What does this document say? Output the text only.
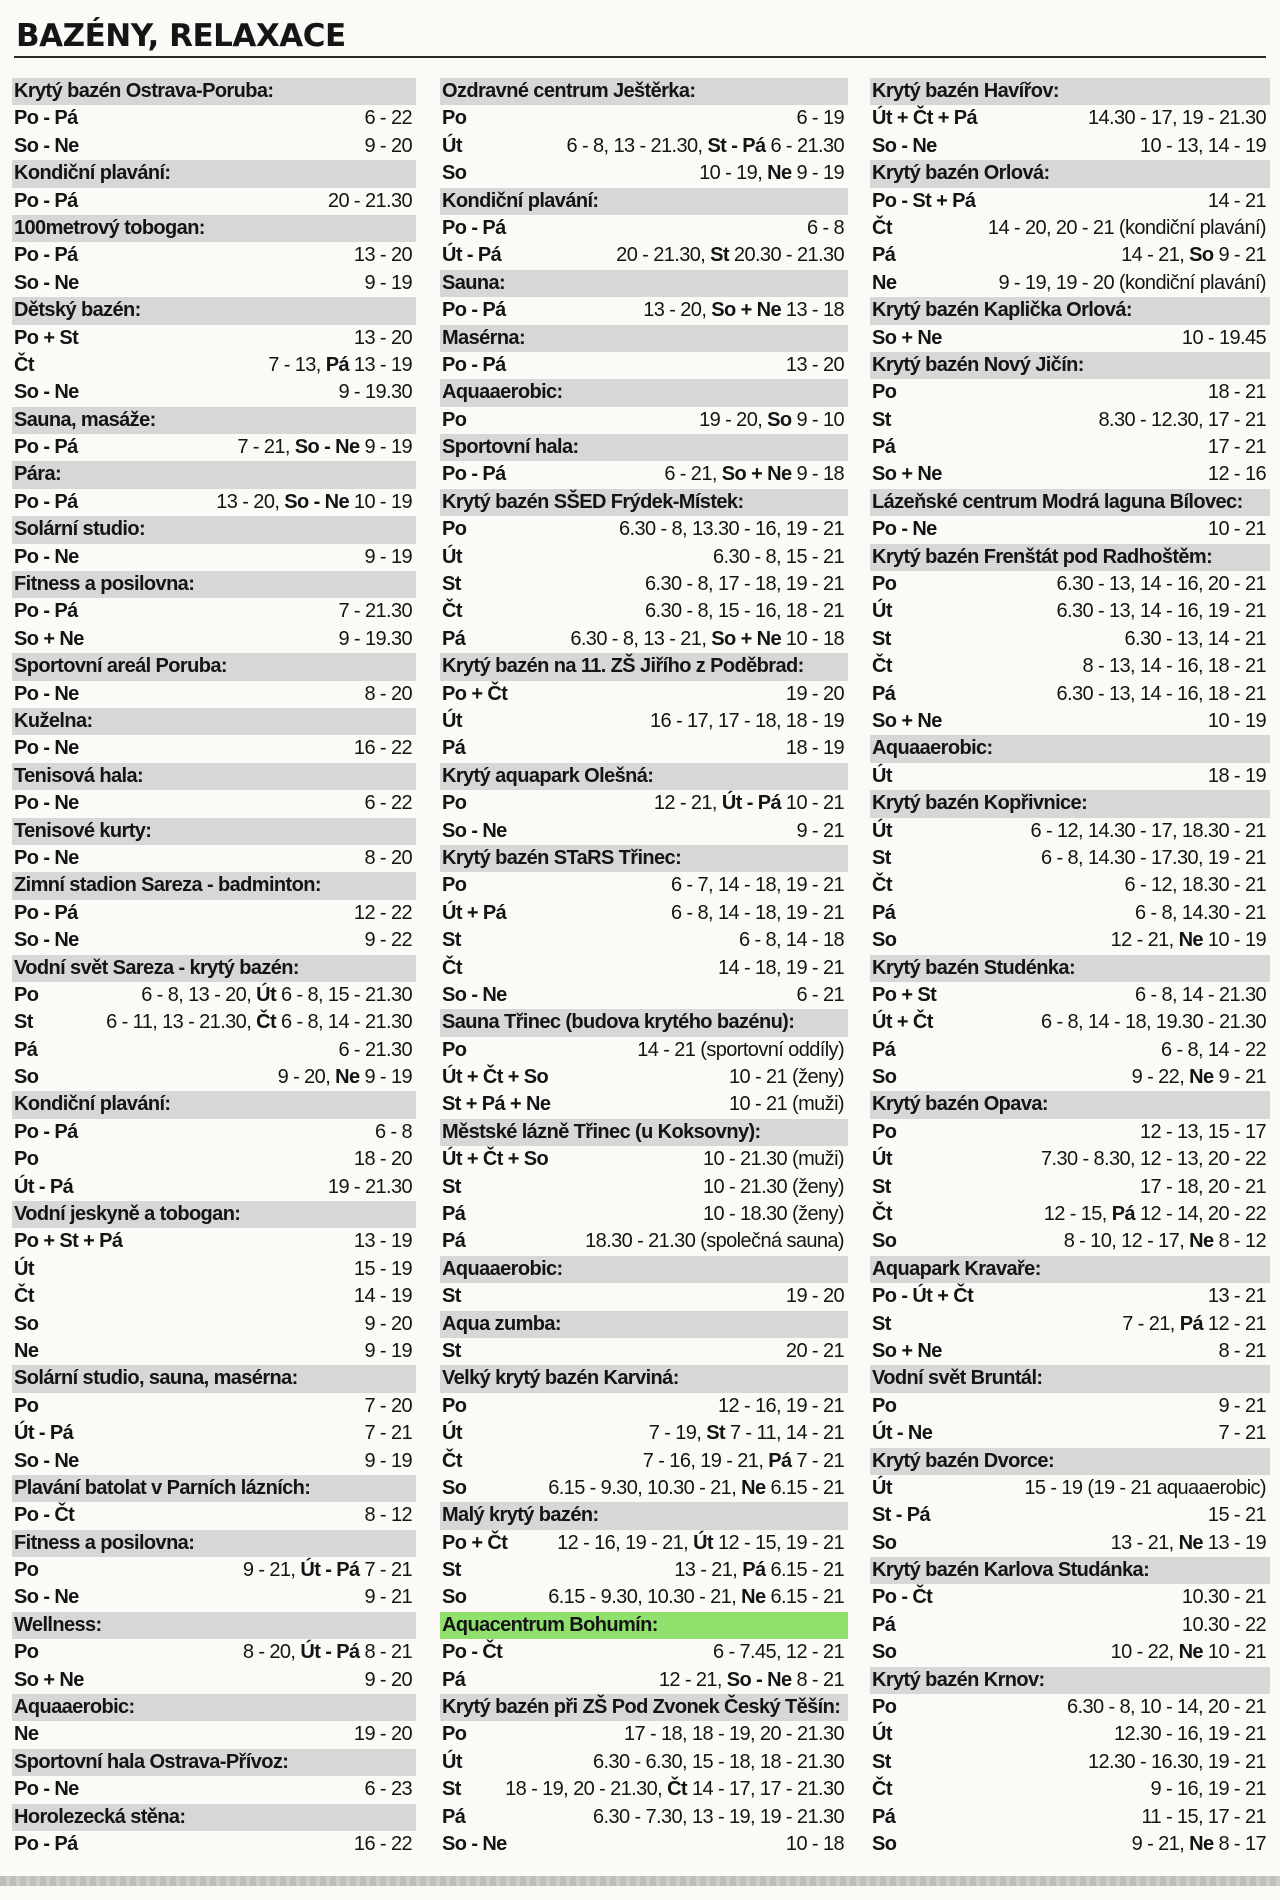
BAZÉNY, RELAXACE
Krytý bazén Ostrava-Poruba:
Po - Pá	6 - 22
So - Ne	9 - 20
Kondiční plavání:
Po - Pá	20 - 21.30
100metrový tobogan:
Po - Pá	13 - 20
So - Ne	9 - 19
Dětský bazén:
Po + St	13 - 20
Čt	7 - 13, Pá 13 - 19
So - Ne	9 - 19.30
Sauna, masáže:
Po - Pá	7 - 21, So - Ne 9 - 19
Pára:
Po - Pá	13 - 20, So - Ne 10 - 19
Solární studio:
Po - Ne	9 - 19
Fitness a posilovna:
Po - Pá	7 - 21.30
So + Ne	9 - 19.30
Sportovní areál Poruba:
Po - Ne	8 - 20
Kuželna:
Po - Ne	16 - 22
Tenisová hala:
Po - Ne	6 - 22
Tenisové kurty:
Po - Ne	8 - 20
Zimní stadion Sareza - badminton:
Po - Pá	12 - 22
So - Ne	9 - 22
Vodní svět Sareza - krytý bazén:
Po	6 - 8, 13 - 20, Út 6 - 8, 15 - 21.30
St	6 - 11, 13 - 21.30, Čt 6 - 8, 14 - 21.30
Pá	6 - 21.30
So	9 - 20, Ne 9 - 19
Kondiční plavání:
Po - Pá	6 - 8
Po	18 - 20
Út - Pá	19 - 21.30
Vodní jeskyně a tobogan:
Po + St + Pá	13 - 19
Út	15 - 19
Čt	14 - 19
So	9 - 20
Ne	9 - 19
Solární studio, sauna, masérna:
Po	7 - 20
Út - Pá	7 - 21
So - Ne	9 - 19
Plavání batolat v Parních lázních:
Po - Čt	8 - 12
Fitness a posilovna:
Po	9 - 21, Út - Pá 7 - 21
So - Ne	9 - 21
Wellness:
Po	8 - 20, Út - Pá 8 - 21
So + Ne	9 - 20
Aquaaerobic:
Ne	19 - 20
Sportovní hala Ostrava-Přívoz:
Po - Ne	6 - 23
Horolezecká stěna:
Po - Pá	16 - 22
Ozdravné centrum Ještěrka:
Po	6 - 19
Út	6 - 8, 13 - 21.30, St - Pá 6 - 21.30
So	10 - 19, Ne 9 - 19
Kondiční plavání:
Po - Pá	6 - 8
Út - Pá	20 - 21.30, St 20.30 - 21.30
Sauna:
Po - Pá	13 - 20, So + Ne 13 - 18
Masérna:
Po - Pá	13 - 20
Aquaaerobic:
Po	19 - 20, So 9 - 10
Sportovní hala:
Po - Pá	6 - 21, So + Ne 9 - 18
Krytý bazén SŠED Frýdek-Místek:
Po	6.30 - 8, 13.30 - 16, 19 - 21
Út	6.30 - 8, 15 - 21
St	6.30 - 8, 17 - 18, 19 - 21
Čt	6.30 - 8, 15 - 16, 18 - 21
Pá	6.30 - 8, 13 - 21, So + Ne 10 - 18
Krytý bazén na 11. ZŠ Jiřího z Poděbrad:
Po + Čt	19 - 20
Út	16 - 17, 17 - 18, 18 - 19
Pá	18 - 19
Krytý aquapark Olešná:
Po	12 - 21, Út - Pá 10 - 21
So - Ne	9 - 21
Krytý bazén STaRS Třinec:
Po	6 - 7, 14 - 18, 19 - 21
Út + Pá	6 - 8, 14 - 18, 19 - 21
St	6 - 8, 14 - 18
Čt	14 - 18, 19 - 21
So - Ne	6 - 21
Sauna Třinec (budova krytého bazénu):
Po	14 - 21 (sportovní oddíly)
Út + Čt + So	10 - 21 (ženy)
St + Pá + Ne	10 - 21 (muži)
Městské lázně Třinec (u Koksovny):
Út + Čt + So	10 - 21.30 (muži)
St	10 - 21.30 (ženy)
Pá	10 - 18.30 (ženy)
Pá	18.30 - 21.30 (společná sauna)
Aquaaerobic:
St	19 - 20
Aqua zumba:
St	20 - 21
Velký krytý bazén Karviná:
Po	12 - 16, 19 - 21
Út	7 - 19, St 7 - 11, 14 - 21
Čt	7 - 16, 19 - 21, Pá 7 - 21
So	6.15 - 9.30, 10.30 - 21, Ne 6.15 - 21
Malý krytý bazén:
Po + Čt 12 - 16, 19 - 21, Út 12 - 15, 19 - 21
St	13 - 21, Pá 6.15 - 21
So	6.15 - 9.30, 10.30 - 21, Ne 6.15 - 21
Aquacentrum Bohumín:
Po - Čt	6 - 7.45, 12 - 21
Pá	12 - 21, So - Ne 8 - 21
Krytý bazén při ZŠ Pod Zvonek Český Těšín:
Po	17 - 18, 18 - 19, 20 - 21.30
Út	6.30 - 6.30, 15 - 18, 18 - 21.30
St 18 - 19, 20 - 21.30, Čt 14 - 17, 17 - 21.30
Pá	6.30 - 7.30, 13 - 19, 19 - 21.30
So - Ne	10 - 18
Krytý bazén Havířov:
Út + Čt + Pá	14.30 - 17, 19 - 21.30
So - Ne	10 - 13, 14 - 19
Krytý bazén Orlová:
Po - St + Pá	14 - 21
Čt	14 - 20, 20 - 21 (kondiční plavání)
Pá	14 - 21, So 9 - 21
Ne	9 - 19, 19 - 20 (kondiční plavání)
Krytý bazén Kaplička Orlová:
So + Ne	10 - 19.45
Krytý bazén Nový Jičín:
Po	18 - 21
St	8.30 - 12.30, 17 - 21
Pá	17 - 21
So + Ne	12 - 16
Lázeňské centrum Modrá laguna Bílovec:
Po - Ne	10 - 21
Krytý bazén Frenštát pod Radhoštěm:
Po	6.30 - 13, 14 - 16, 20 - 21
Út	6.30 - 13, 14 - 16, 19 - 21
St	6.30 - 13, 14 - 21
Čt	8 - 13, 14 - 16, 18 - 21
Pá	6.30 - 13, 14 - 16, 18 - 21
So + Ne	10 - 19
Aquaaerobic:
Út	18 - 19
Krytý bazén Kopřivnice:
Út	6 - 12, 14.30 - 17, 18.30 - 21
St	6 - 8, 14.30 - 17.30, 19 - 21
Čt	6 - 12, 18.30 - 21
Pá	6 - 8, 14.30 - 21
So	12 - 21, Ne 10 - 19
Krytý bazén Studénka:
Po + St	6 - 8, 14 - 21.30
Út + Čt	6 - 8, 14 - 18, 19.30 - 21.30
Pá	6 - 8, 14 - 22
So	9 - 22, Ne 9 - 21
Krytý bazén Opava:
Po	12 - 13, 15 - 17
Út	7.30 - 8.30, 12 - 13, 20 - 22
St	17 - 18, 20 - 21
Čt	12 - 15, Pá 12 - 14, 20 - 22
So	8 - 10, 12 - 17, Ne 8 - 12
Aquapark Kravaře:
Po - Út + Čt	13 - 21
St	7 - 21, Pá 12 - 21
So + Ne	8 - 21
Vodní svět Bruntál:
Po	9 - 21
Út - Ne	7 - 21
Krytý bazén Dvorce:
Út	15 - 19 (19 - 21 aquaaerobic)
St - Pá	15 - 21
So	13 - 21, Ne 13 - 19
Krytý bazén Karlova Studánka:
Po - Čt	10.30 - 21
Pá	10.30 - 22
So	10 - 22, Ne 10 - 21
Krytý bazén Krnov:
Po	6.30 - 8, 10 - 14, 20 - 21
Út	12.30 - 16, 19 - 21
St	12.30 - 16.30, 19 - 21
Čt	9 - 16, 19 - 21
Pá	11 - 15, 17 - 21
So	9 - 21, Ne 8 - 17
